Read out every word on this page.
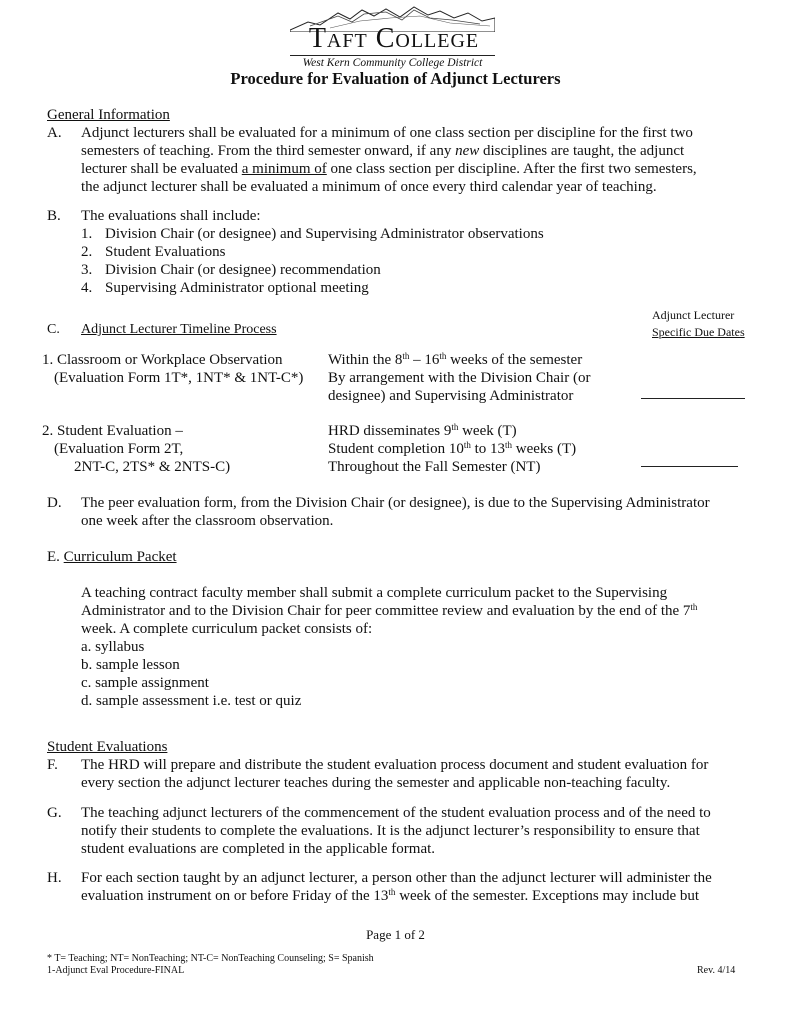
Taft College
West Kern Community College District
Procedure for Evaluation of Adjunct Lecturers
General Information
A. Adjunct lecturers shall be evaluated for a minimum of one class section per discipline for the first two
semesters of teaching. From the third semester onward, if any new disciplines are taught, the adjunct
lecturer shall be evaluated a minimum of one class section per discipline. After the first two semesters,
the adjunct lecturer shall be evaluated a minimum of once every third calendar year of teaching.
B. The evaluations shall include:
1. Division Chair (or designee) and Supervising Administrator observations
2. Student Evaluations
3. Division Chair (or designee) recommendation
4. Supervising Administrator optional meeting
Adjunct Lecturer
C. Adjunct Lecturer Timeline Process	Specific Due Dates
1. Classroom or Workplace Observation
(Evaluation Form 1T*, 1NT* & 1NT-C*)
Within the 8th – 16th weeks of the semester
By arrangement with the Division Chair (or
designee) and Supervising Administrator
2. Student Evaluation –
(Evaluation Form 2T,
2NT-C, 2TS* & 2NTS-C)
HRD disseminates 9th week (T)
Student completion 10th to 13th weeks (T)
Throughout the Fall Semester (NT)
D. The peer evaluation form, from the Division Chair (or designee), is due to the Supervising Administrator
one week after the classroom observation.
E. Curriculum Packet
A teaching contract faculty member shall submit a complete curriculum packet to the Supervising
Administrator and to the Division Chair for peer committee review and evaluation by the end of the 7th
week. A complete curriculum packet consists of:
a. syllabus
b. sample lesson
c. sample assignment
d. sample assessment i.e. test or quiz
Student Evaluations
F. The HRD will prepare and distribute the student evaluation process document and student evaluation for
every section the adjunct lecturer teaches during the semester and applicable non-teaching faculty.
G. The teaching adjunct lecturers of the commencement of the student evaluation process and of the need to
notify their students to complete the evaluations. It is the adjunct lecturer’s responsibility to ensure that
student evaluations are completed in the applicable format.
H. For each section taught by an adjunct lecturer, a person other than the adjunct lecturer will administer the
evaluation instrument on or before Friday of the 13th week of the semester. Exceptions may include but
Page 1 of 2
* T= Teaching; NT= NonTeaching; NT-C= NonTeaching Counseling; S= Spanish
1-Adjunct Eval Procedure-FINAL	Rev. 4/14
